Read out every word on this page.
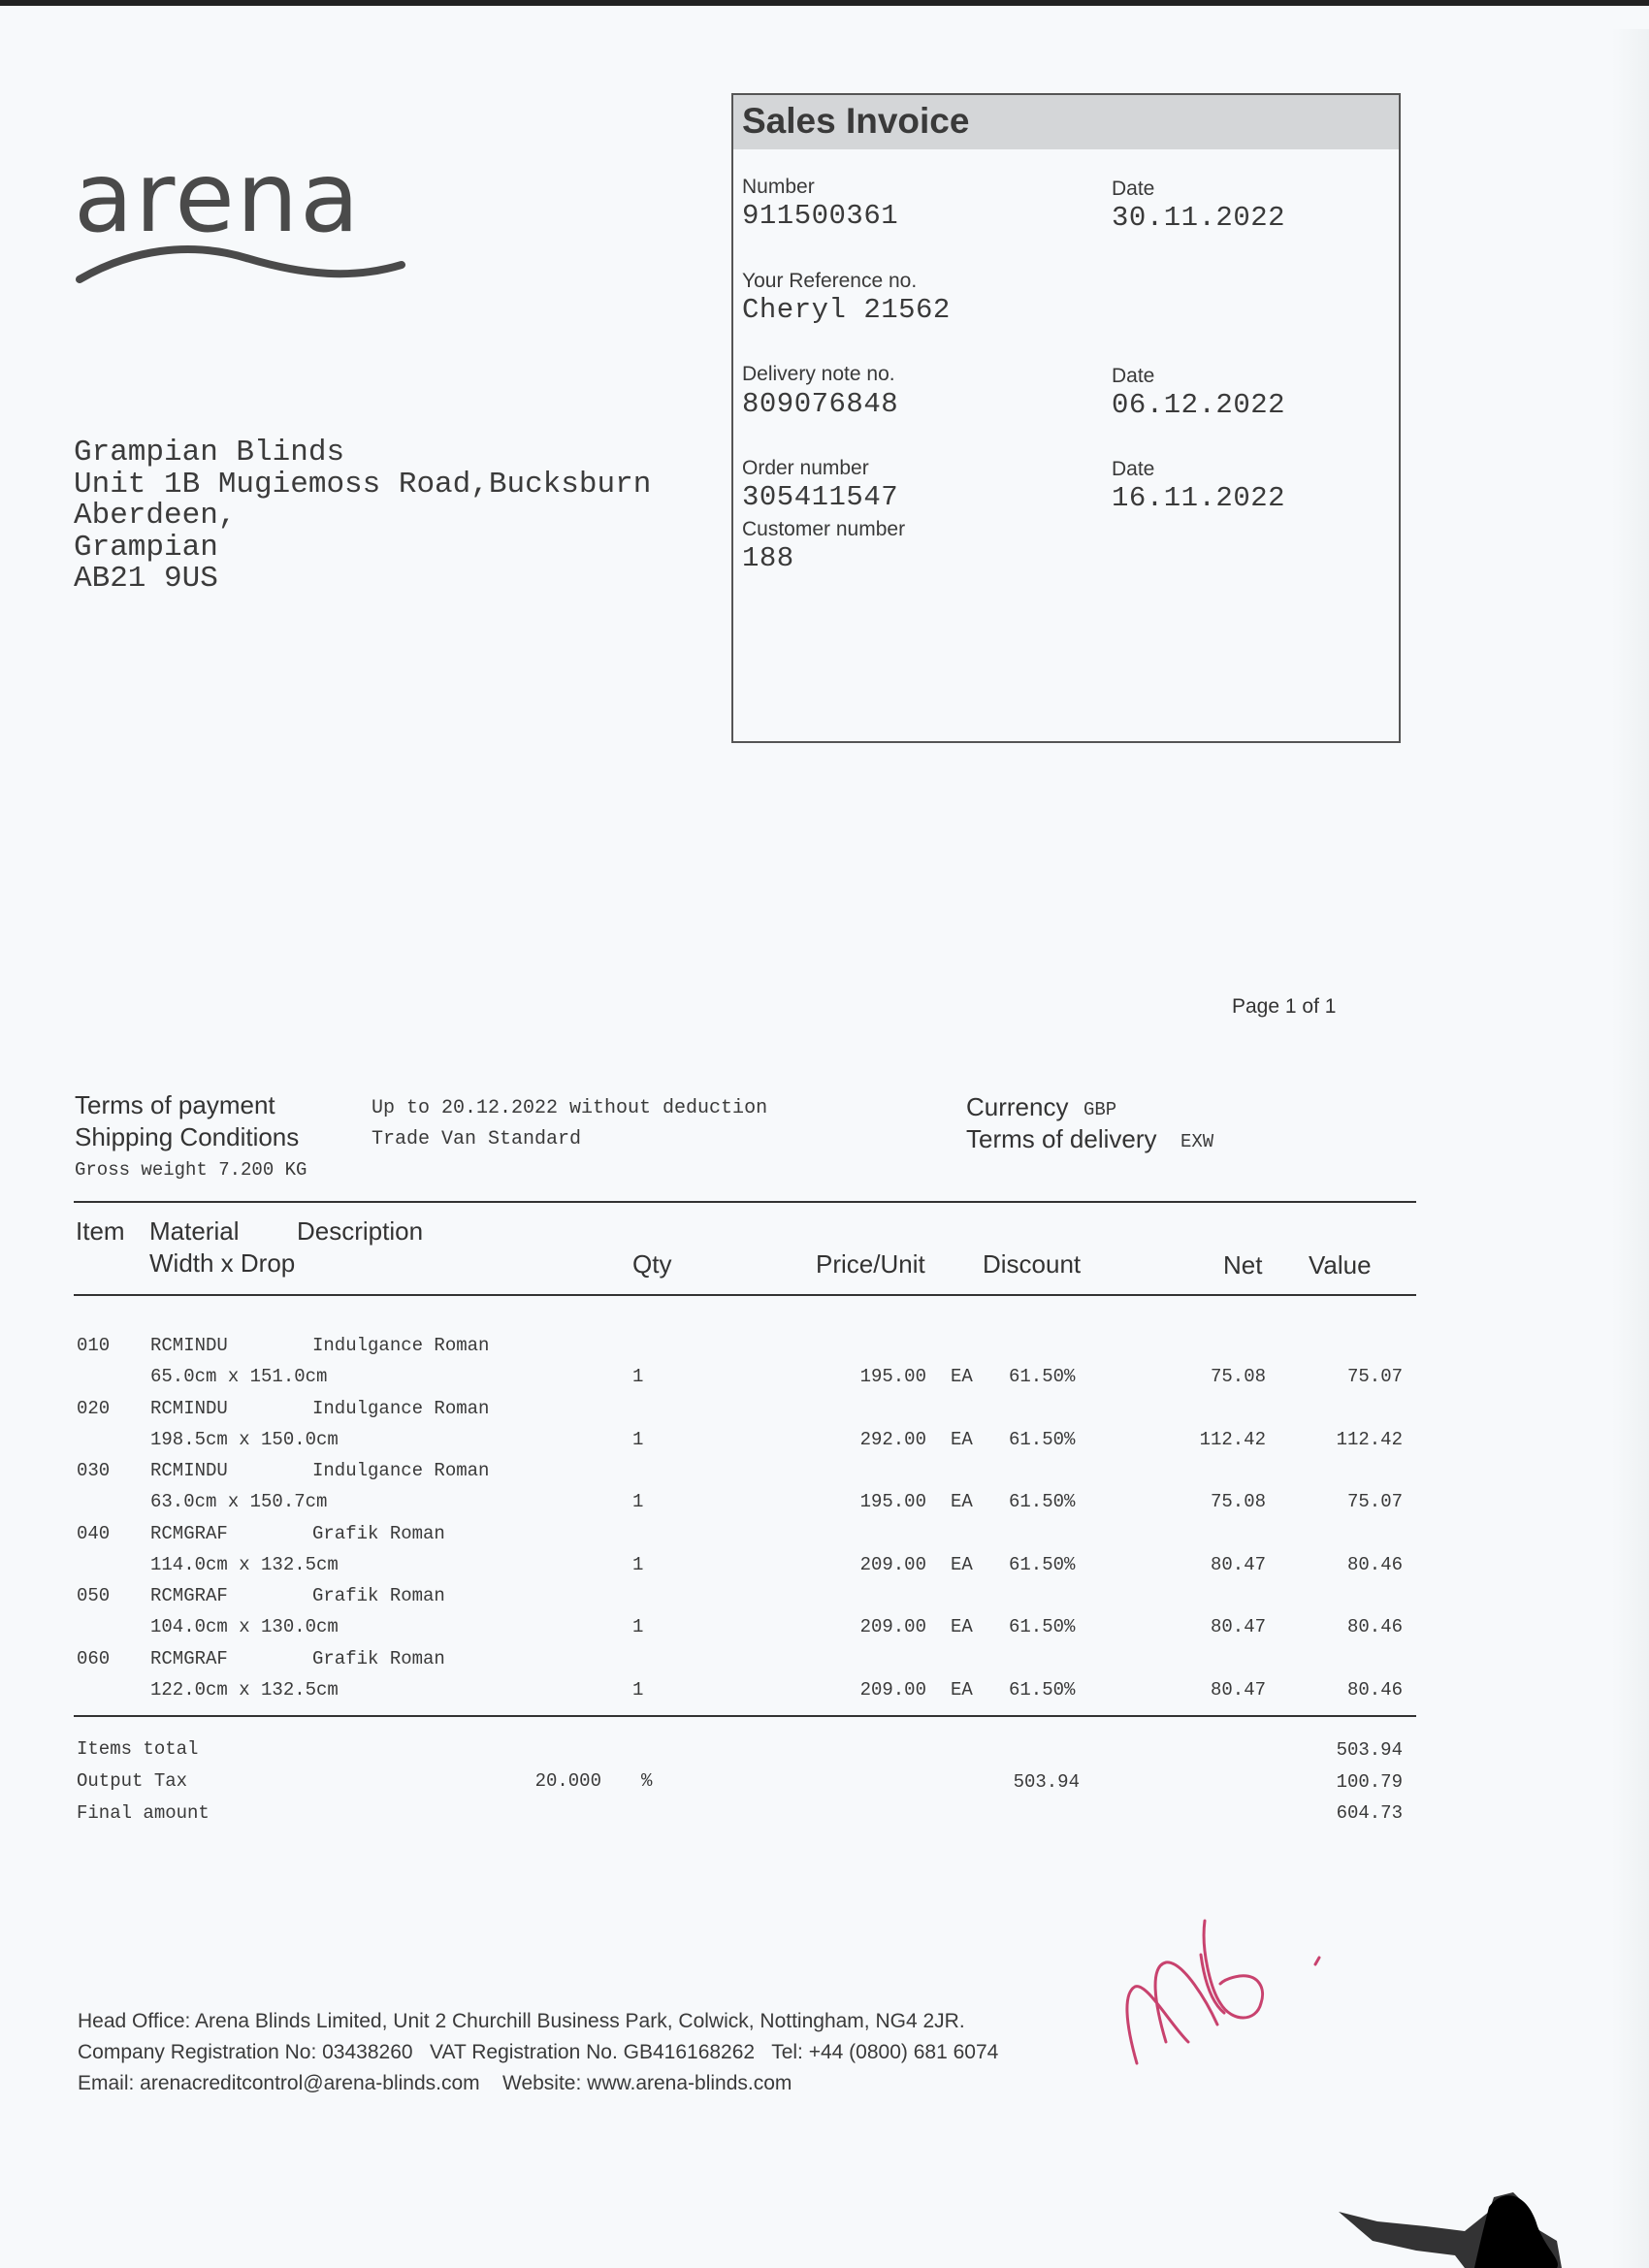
arena
Grampian Blinds
Unit 1B Mugiemoss Road,Bucksburn
Aberdeen,
Grampian
AB21 9US
Sales Invoice
Number
911500361
Date
30.11.2022
Your Reference no.
Cheryl 21562
Delivery note no.
809076848
Date
06.12.2022
Order number
305411547
Date
16.11.2022
Customer number
188
Page 1 of 1
Terms of payment	Up to 20.12.2022 without deduction
Shipping Conditions	Trade Van Standard
Gross weight 7.200 KG
Currency GBP
Terms of delivery EXW
Item Material Description
Width x Drop	Qty	Price/Unit Discount	Net Value
010 RCMINDU	Indulgance Roman
65.0cm x 151.0cm	1	195.00 EA 61.50%	75.08	75.07
020 RCMINDU	Indulgance Roman
198.5cm x 150.0cm	1	292.00 EA 61.50%	112.42	112.42
030 RCMINDU	Indulgance Roman
63.0cm x 150.7cm	1	195.00 EA 61.50%	75.08	75.07
040 RCMGRAF	Grafik Roman
114.0cm x 132.5cm	1	209.00 EA 61.50%	80.47	80.46
050 RCMGRAF	Grafik Roman
104.0cm x 130.0cm	1	209.00 EA 61.50%	80.47	80.46
060 RCMGRAF	Grafik Roman
122.0cm x 132.5cm	1	209.00 EA 61.50%	80.47	80.46
Items total	503.94
Output Tax	20.000 %	503.94	100.79
Final amount	604.73
Head Office: Arena Blinds Limited, Unit 2 Churchill Business Park, Colwick, Nottingham, NG4 2JR.
Company Registration No: 03438260   VAT Registration No. GB416168262   Tel: +44 (0800) 681 6074
Email: arenacreditcontrol@arena-blinds.com    Website: www.arena-blinds.com
